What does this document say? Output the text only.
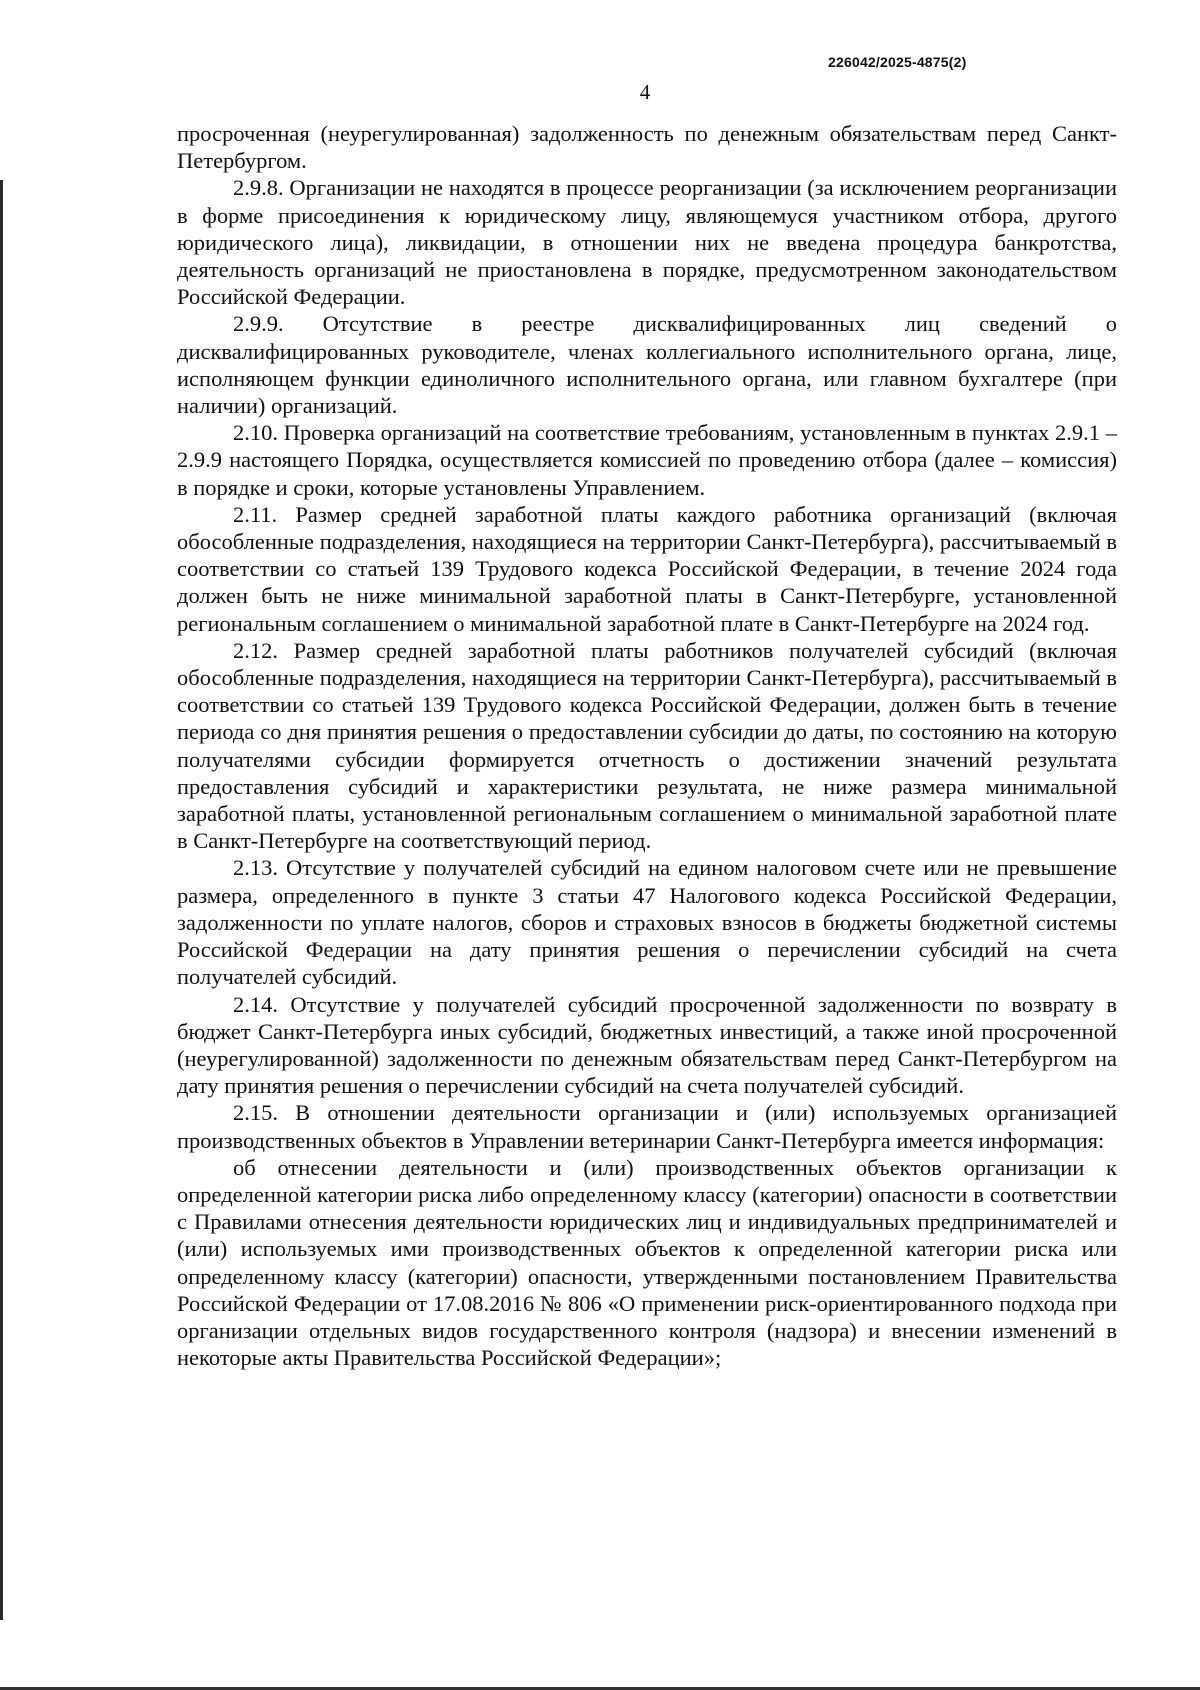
226042/2025-4875(2)
4

просроченная (неурегулированная) задолженность по денежным обязательствам перед Санкт-Петербургом.

2.9.8. Организации не находятся в процессе реорганизации (за исключением реорганизации в форме присоединения к юридическому лицу, являющемуся участником отбора, другого юридического лица), ликвидации, в отношении них не введена процедура банкротства, деятельность организаций не приостановлена в порядке, предусмотренном законодательством Российской Федерации.

2.9.9. Отсутствие в реестре дисквалифицированных лиц сведений о дисквалифицированных руководителе, членах коллегиального исполнительного органа, лице, исполняющем функции единоличного исполнительного органа, или главном бухгалтере (при наличии) организаций.

2.10. Проверка организаций на соответствие требованиям, установленным в пунктах 2.9.1 – 2.9.9 настоящего Порядка, осуществляется комиссией по проведению отбора (далее – комиссия) в порядке и сроки, которые установлены Управлением.

2.11. Размер средней заработной платы каждого работника организаций (включая обособленные подразделения, находящиеся на территории Санкт-Петербурга), рассчитываемый в соответствии со статьей 139 Трудового кодекса Российской Федерации, в течение 2024 года должен быть не ниже минимальной заработной платы в Санкт-Петербурге, установленной региональным соглашением о минимальной заработной плате в Санкт-Петербурге на 2024 год.

2.12. Размер средней заработной платы работников получателей субсидий (включая обособленные подразделения, находящиеся на территории Санкт-Петербурга), рассчитываемый в соответствии со статьей 139 Трудового кодекса Российской Федерации, должен быть в течение периода со дня принятия решения о предоставлении субсидии до даты, по состоянию на которую получателями субсидии формируется отчетность о достижении значений результата предоставления субсидий и характеристики результата, не ниже размера минимальной заработной платы, установленной региональным соглашением о минимальной заработной плате в Санкт-Петербурге на соответствующий период.

2.13. Отсутствие у получателей субсидий на едином налоговом счете или не превышение размера, определенного в пункте 3 статьи 47 Налогового кодекса Российской Федерации, задолженности по уплате налогов, сборов и страховых взносов в бюджеты бюджетной системы Российской Федерации на дату принятия решения о перечислении субсидий на счета получателей субсидий.

2.14. Отсутствие у получателей субсидий просроченной задолженности по возврату в бюджет Санкт-Петербурга иных субсидий, бюджетных инвестиций, а также иной просроченной (неурегулированной) задолженности по денежным обязательствам перед Санкт-Петербургом на дату принятия решения о перечислении субсидий на счета получателей субсидий.

2.15. В отношении деятельности организации и (или) используемых организацией производственных объектов в Управлении ветеринарии Санкт-Петербурга имеется информация:

об отнесении деятельности и (или) производственных объектов организации к определенной категории риска либо определенному классу (категории) опасности в соответствии с Правилами отнесения деятельности юридических лиц и индивидуальных предпринимателей и (или) используемых ими производственных объектов к определенной категории риска или определенному классу (категории) опасности, утвержденными постановлением Правительства Российской Федерации от 17.08.2016 № 806 «О применении риск-ориентированного подхода при организации отдельных видов государственного контроля (надзора) и внесении изменений в некоторые акты Правительства Российской Федерации»;
